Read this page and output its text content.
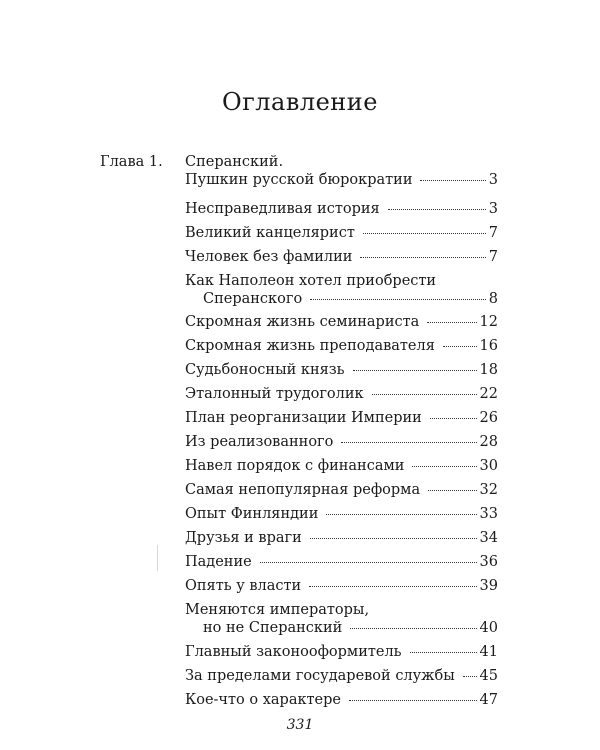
Оглавление
Глава 1. Сперанский.
Пушкин русской бюрократии	3
Несправедливая история	3
Великий канцелярист	7
Человек без фамилии	7
Как Наполеон хотел приобрести
Сперанского	8
Скромная жизнь семинариста	12
Скромная жизнь преподавателя	16
Судьбоносный князь	18
Эталонный трудоголик	22
План реорганизации Империи	26
Из реализованного	28
Навел порядок с финансами	30
Самая непопулярная реформа	32
Опыт Финляндии	33
Друзья и враги	34
Падение	36
Опять у власти	39
Меняются императоры,
но не Сперанский	40
Главный законооформитель	41
За пределами государевой службы 45
Кое-что о характере	47
331
